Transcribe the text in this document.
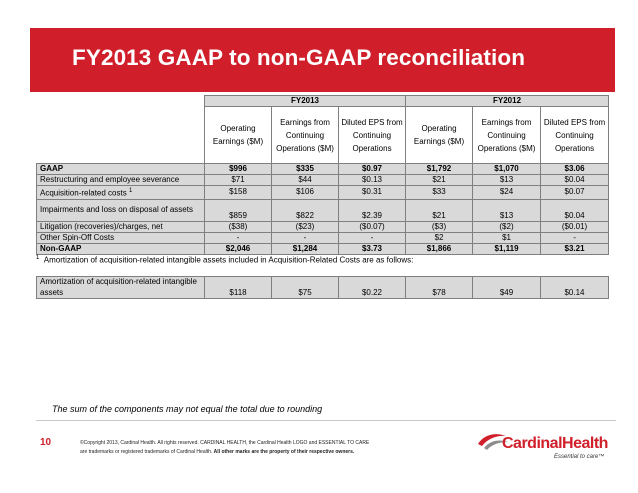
FY2013 GAAP to non-GAAP reconciliation
	FY2013			FY2012		
	Operating Earnings ($M)	Earnings from Continuing Operations ($M)	Diluted EPS from Continuing Operations	Operating Earnings ($M)	Earnings from Continuing Operations ($M)	Diluted EPS from Continuing Operations
GAAP	$996	$335	$0.97	$1,792	$1,070	$3.06
Restructuring and employee severance	$71	$44	$0.13	$21	$13	$0.04
Acquisition-related costs $^1$	$158	$106	$0.31	$33	$24	$0.07
Impairments and loss on disposal of assets	$859	$822	$2.39	$21	$13	$0.04
Litigation (recoveries)/charges, net	($38)	($23)	($0.07)	($3)	($2)	($0.01)
Other Spin-Off Costs	-	-	-	$2	$1	-
Non-GAAP	$2,046	$1,284	$3.73	$1,866	$1,119	$3.21
$^1$ Amortization of acquisition-related intangible assets included in Acquisition-Related Costs are as follows:
Amortization of acquisition-related intangible assets	$118	$75	$0.22	$78	$49	$0.14
The sum of the components may not equal the total due to rounding
10	©Copyright 2013, Cardinal Health. All rights reserved. CARDINAL HEALTH, the Cardinal Health LOGO and ESSENTIAL TO CARE
are trademarks or registered trademarks of Cardinal Health. All other marks are the property of their respective owners.	CardinalHealth
Essential to care™
